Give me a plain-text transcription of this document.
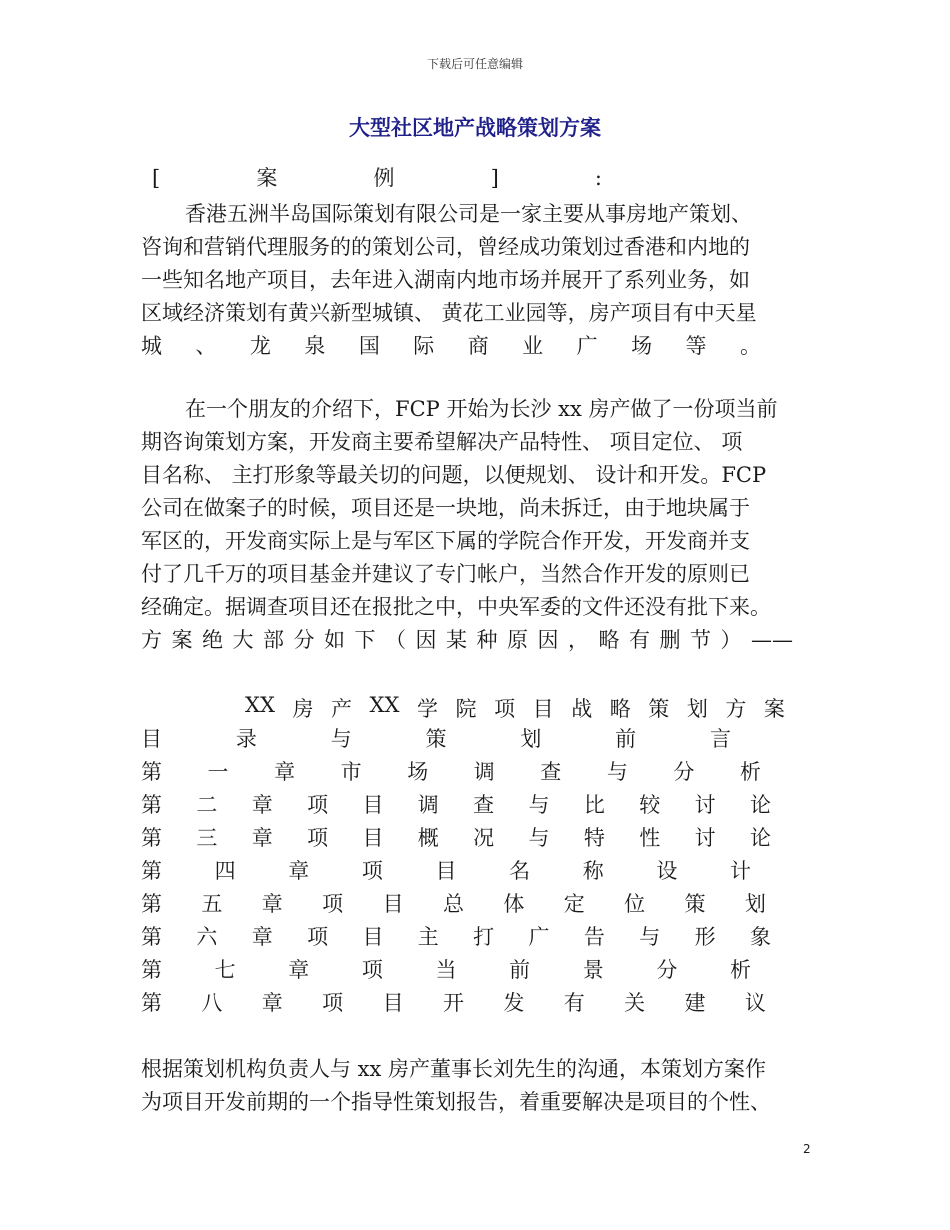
下载后可任意编辑
大型社区地产战略策划方案
[	案	例	]	:
香港五洲半岛国际策划有限公司是一家主要从事房地产策划、
咨询和营销代理服务的的策划公司，曾经成功策划过香港和内地的
一些知名地产项目，去年进入湖南内地市场并展开了系列业务，如
区域经济策划有黄兴新型城镇、 黄花工业园等，房产项目有中天星
城 、 龙 泉 国 际 商 业 广 场 等 。
在一个朋友的介绍下，FCP 开始为长沙 xx 房产做了一份项当前
期咨询策划方案，开发商主要希望解决产品特性、 项目定位、 项
目名称、 主打形象等最关切的问题，以便规划、 设计和开发。FCP
公司在做案子的时候，项目还是一块地，尚未拆迁，由于地块属于
军区的，开发商实际上是与军区下属的学院合作开发，开发商并支
付了几千万的项目基金并建议了专门帐户，当然合作开发的原则已
经确定。据调查项目还在报批之中，中央军委的文件还没有批下来。
方 案 绝 大 部 分 如 下 （ 因 某 种 原 因 ， 略 有 删 节 ） ——
XX 房 产 XX 学 院 项 目 战 略 策 划 方 案
目	录	与	策	划	前	言
第 一 章 市 场 调 查 与 分 析
第 二 章 项 目 调 查 与 比 较 讨 论
第 三 章 项 目 概 况 与 特 性 讨 论
第	四	章	项	目	名	称	设	计
第 五 章 项 目 总 体 定 位 策 划
第 六 章 项 目 主 打 广 告 与 形 象
第	七	章	项	当	前	景	分	析
第 八 章 项 目 开 发 有 关 建 议
根据策划机构负责人与 xx 房产董事长刘先生的沟通，本策划方案作
为项目开发前期的一个指导性策划报告，着重要解决是项目的个性、
2
